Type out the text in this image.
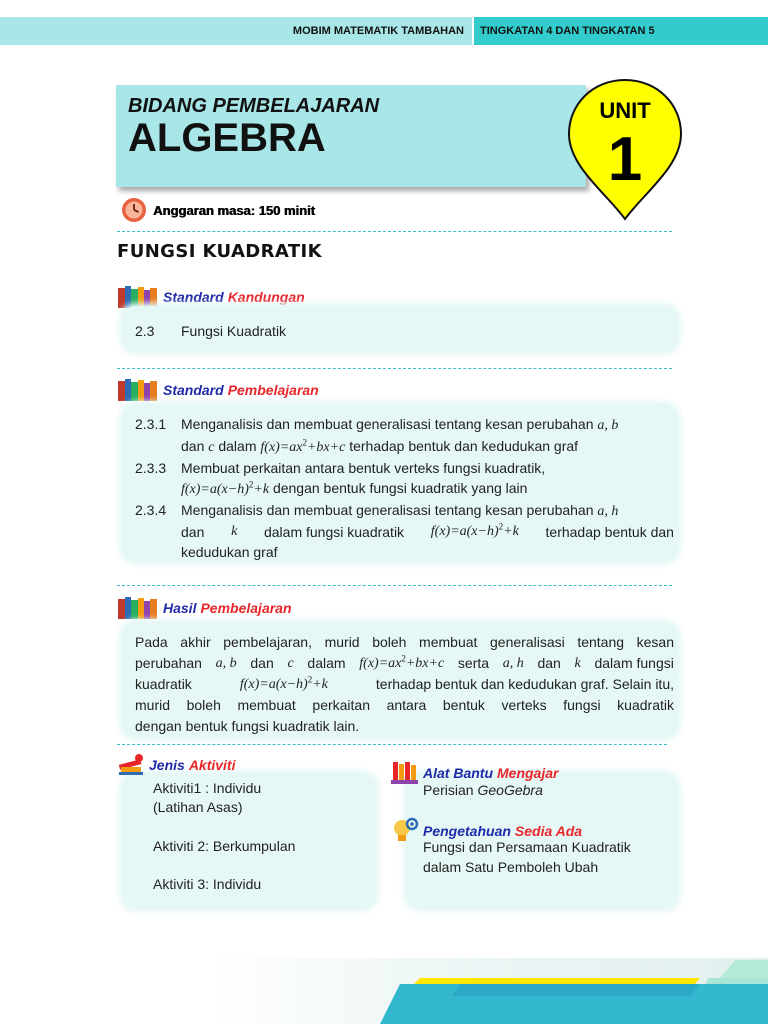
MOBIM MATEMATIK TAMBAHAN TINGKATAN 4 DAN TINGKATAN 5
BIDANG PEMBELAJARAN
ALGEBRA
UNIT
1
Anggaran masa: 150 minit
FUNGSI KUADRATIK
Standard Kandungan
2.3	Fungsi Kuadratik
Standard Pembelajaran
2.3.1	Menganalisis dan membuat generalisasi tentang kesan perubahan a, b
dan c dalam $f(x)=ax^2+bx+c$ terhadap bentuk dan kedudukan graf
2.3.3	Membuat perkaitan antara bentuk verteks fungsi kuadratik,
$f(x)=a(x-h)^2+k$ dengan bentuk fungsi kuadratik yang lain
2.3.4	Menganalisis dan membuat generalisasi tentang kesan perubahan a, h
dan k dalam fungsi kuadratik $f(x)=a(x-h)^2+k$ terhadap bentuk dan
kedudukan graf
Hasil Pembelajaran
Pada akhir pembelajaran, murid boleh membuat generalisasi tentang kesan
perubahan a, b dan c dalam $f(x)=ax^2+bx+c$ serta a, h dan k dalam fungsi
kuadratik	$f(x)=a(x-h)^2+k$	terhadap bentuk dan kedudukan graf. Selain itu,
murid boleh membuat perkaitan antara bentuk verteks fungsi kuadratik
dengan bentuk fungsi kuadratik lain.
Jenis Aktiviti
Aktiviti1 : Individu
(Latihan Asas)
Aktiviti 2: Berkumpulan
Aktiviti 3: Individu
Alat Bantu Mengajar
Perisian GeoGebra
Pengetahuan Sedia Ada
Fungsi dan Persamaan Kuadratik
dalam Satu Pemboleh Ubah
